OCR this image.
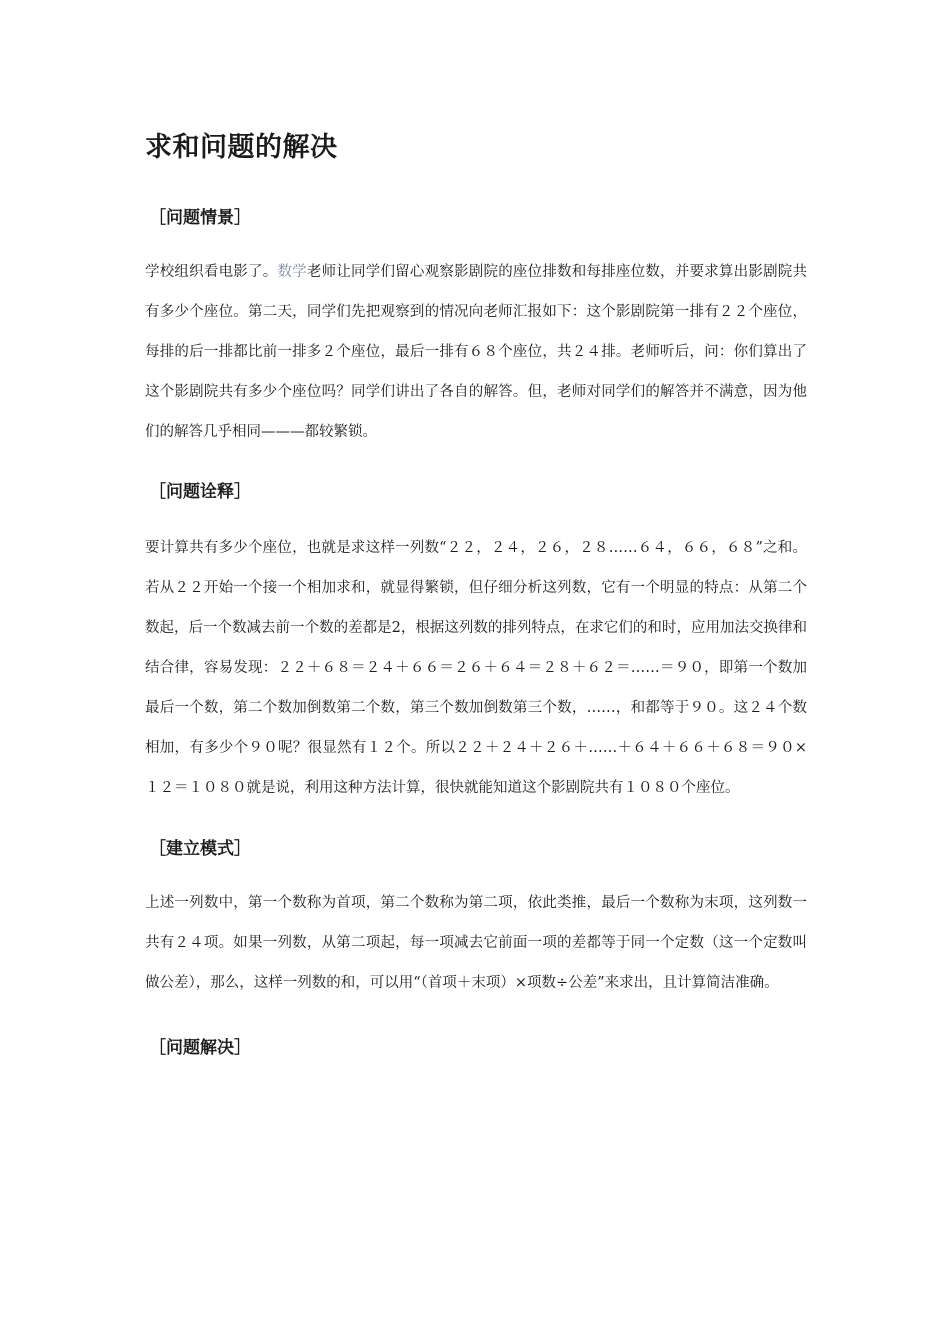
求和问题的解决
［问题情景］

学校组织看电影了。数学老师让同学们留心观察影剧院的座位排数和每排座位数，并要求算出影剧院共有多少个座位。第二天，同学们先把观察到的情况向老师汇报如下：这个影剧院第一排有２２个座位，每排的后一排都比前一排多２个座位，最后一排有６８个座位，共２４排。老师听后，问：你们算出了这个影剧院共有多少个座位吗？同学们讲出了各自的解答。但，老师对同学们的解答并不满意，因为他们的解答几乎相同———都较繁锁。

［问题诠释］

要计算共有多少个座位，也就是求这样一列数“２２，２４，２６，２８……６４，６６，６８”之和。若从２２开始一个接一个相加求和，就显得繁锁，但仔细分析这列数，它有一个明显的特点：从第二个数起，后一个数减去前一个数的差都是2，根据这列数的排列特点，在求它们的和时，应用加法交换律和结合律，容易发现：２２＋６８＝２４＋６６＝２６＋６４＝２８＋６２＝……＝９０，即第一个数加最后一个数，第二个数加倒数第二个数，第三个数加倒数第三个数，……，和都等于９０。这２４个数相加，有多少个９０呢？很显然有１２个。所以２２＋２４＋２６＋……＋６４＋６６＋６８＝９０×１２＝１０８０就是说，利用这种方法计算，很快就能知道这个影剧院共有１０８０个座位。

［建立模式］

上述一列数中，第一个数称为首项，第二个数称为第二项，依此类推，最后一个数称为末项，这列数一共有２４项。如果一列数，从第二项起，每一项减去它前面一项的差都等于同一个定数（这一个定数叫做公差），那么，这样一列数的和，可以用“（首项＋末项）×项数÷公差”来求出，且计算简洁准确。

［问题解决］
